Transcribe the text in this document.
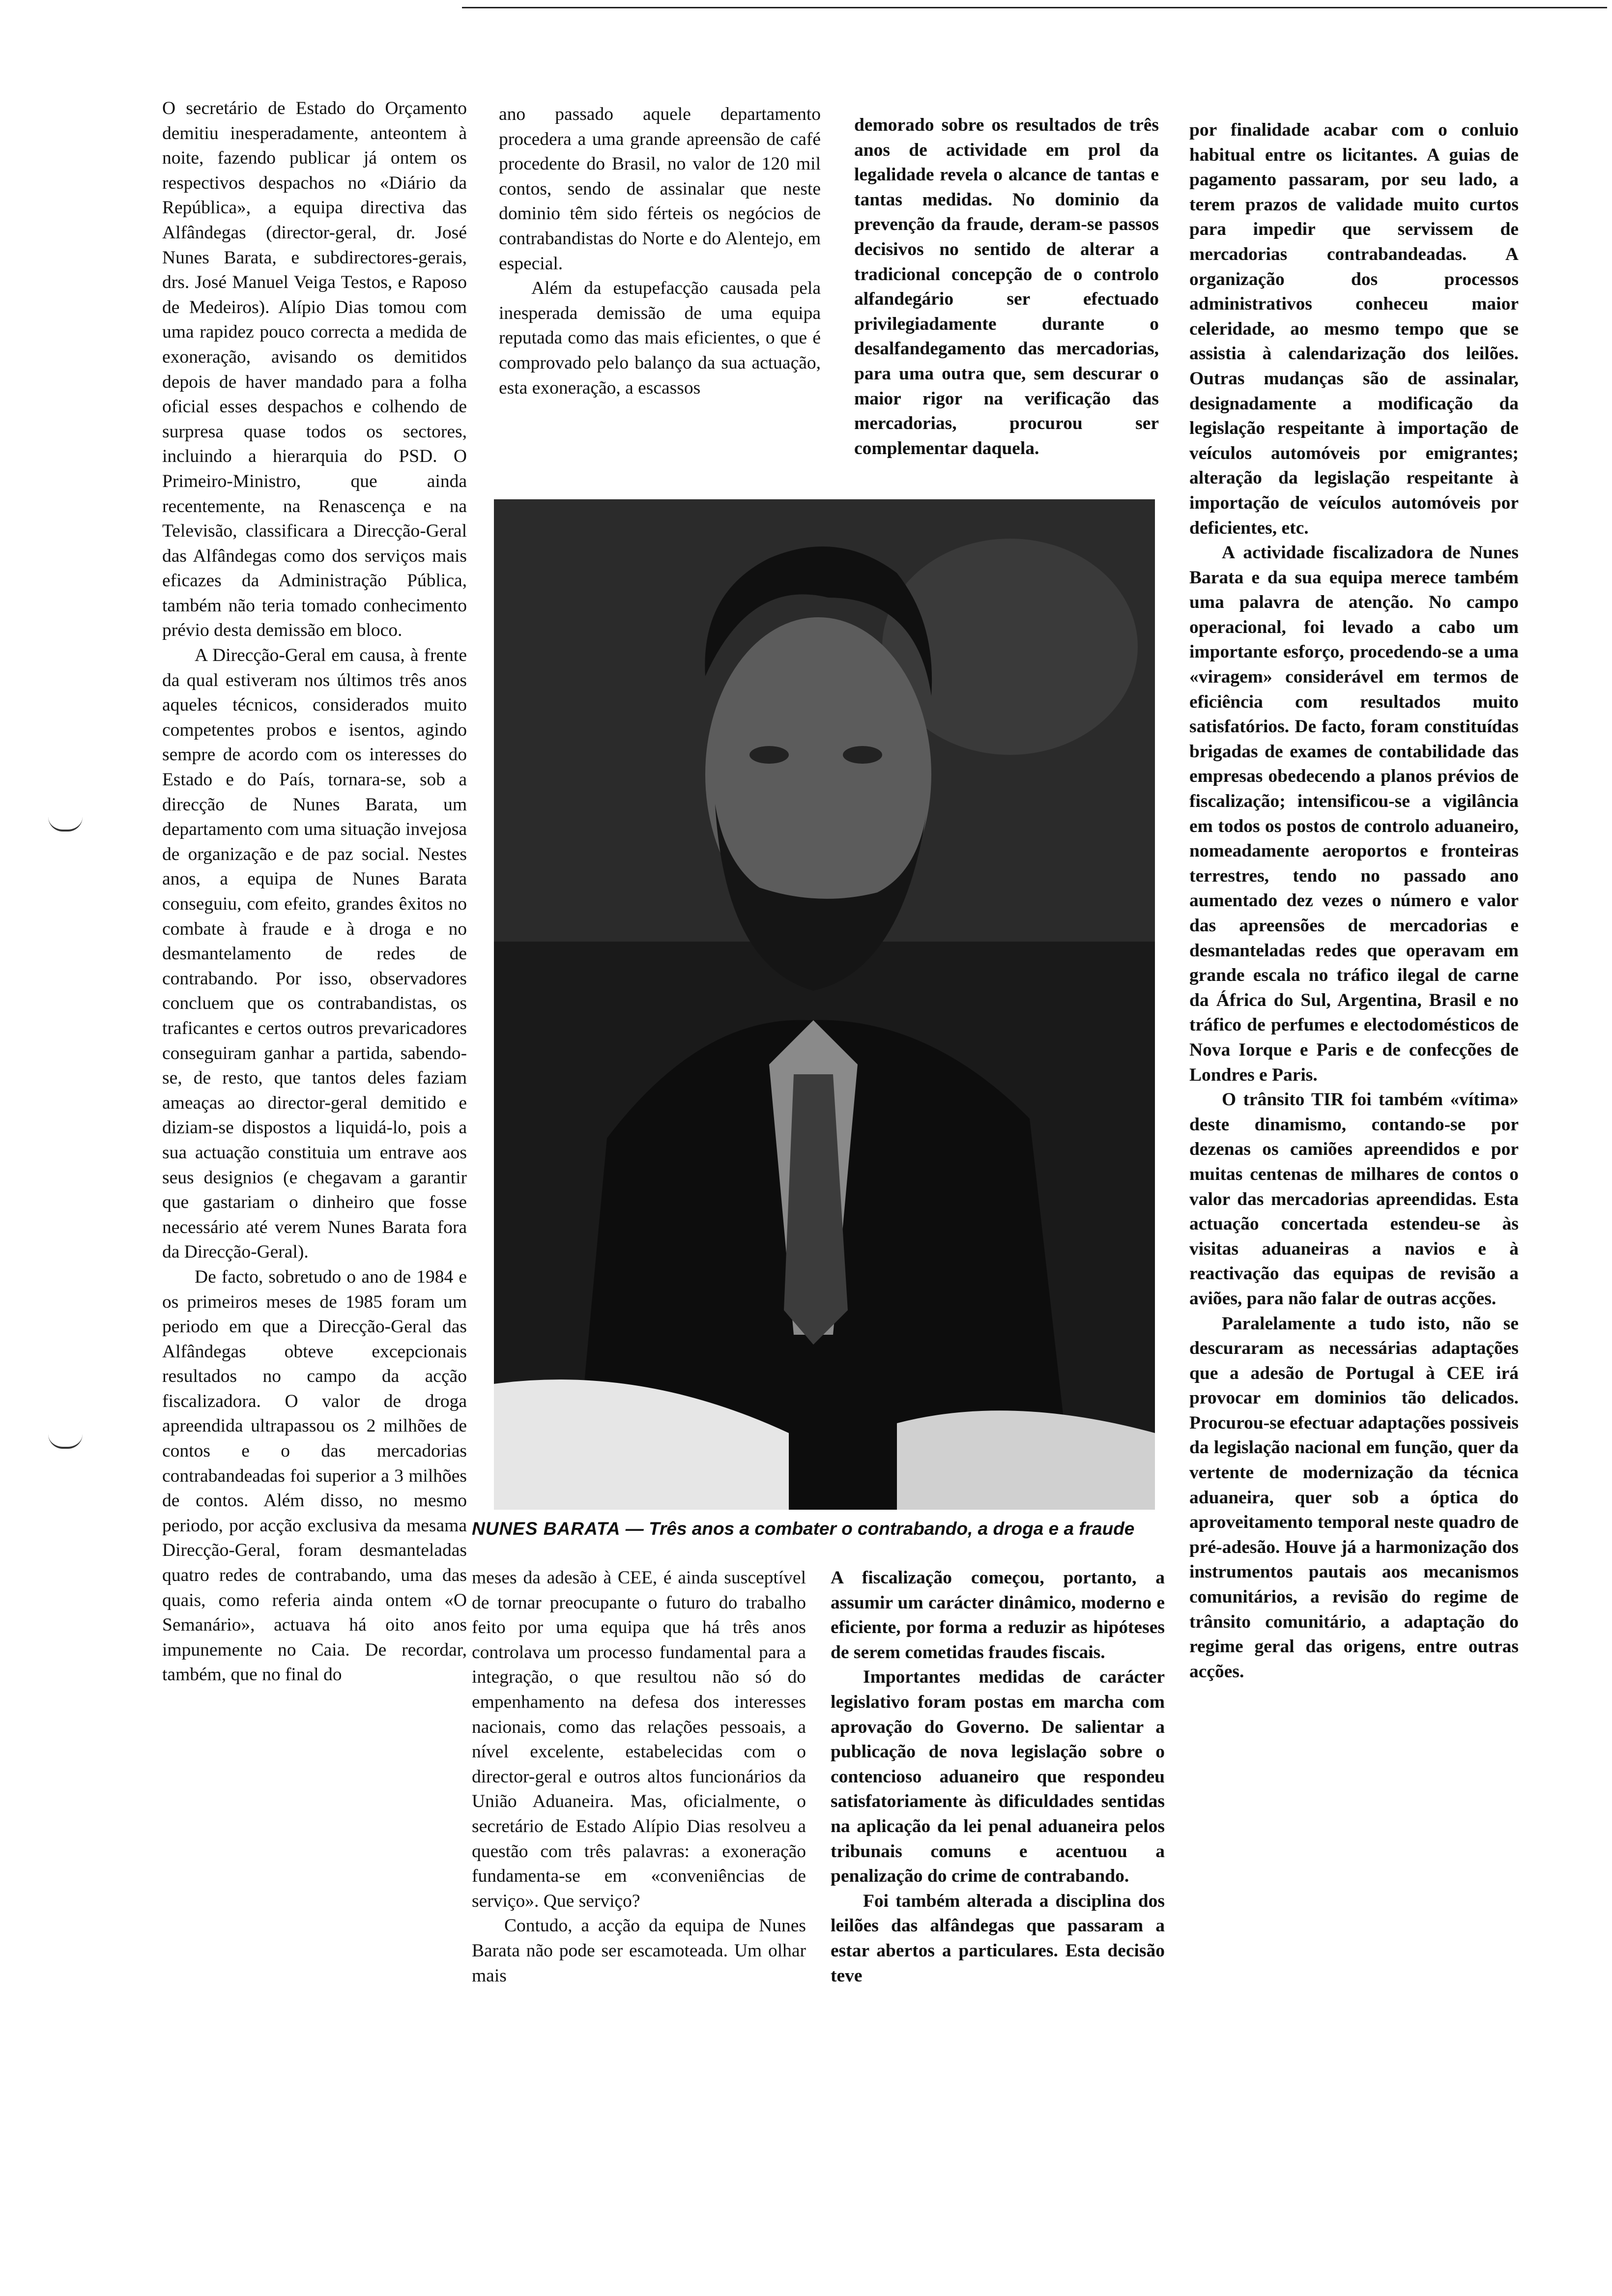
O secretário de Estado do Orçamento demitiu inesperadamente, anteontem à noite, fazendo publicar já ontem os respectivos despachos no «Diário da República», a equipa directiva das Alfândegas (director-geral, dr. José Nunes Barata, e subdirectores-gerais, drs. José Manuel Veiga Testos, e Raposo de Medeiros). Alípio Dias tomou com uma rapidez pouco correcta a medida de exoneração, avisando os demitidos depois de haver mandado para a folha oficial esses despachos e colhendo de surpresa quase todos os sectores, incluindo a hierarquia do PSD. O Primeiro-Ministro, que ainda recentemente, na Renascença e na Televisão, classificara a Direcção-Geral das Alfândegas como dos serviços mais eficazes da Administração Pública, também não teria tomado conhecimento prévio desta demissão em bloco.

A Direcção-Geral em causa, à frente da qual estiveram nos últimos três anos aqueles técnicos, considerados muito competentes probos e isentos, agindo sempre de acordo com os interesses do Estado e do País, tornara-se, sob a direcção de Nunes Barata, um departamento com uma situação invejosa de organização e de paz social. Nestes anos, a equipa de Nunes Barata conseguiu, com efeito, grandes êxitos no combate à fraude e à droga e no desmantelamento de redes de contrabando. Por isso, observadores concluem que os contrabandistas, os traficantes e certos outros prevaricadores conseguiram ganhar a partida, sabendo-se, de resto, que tantos deles faziam ameaças ao director-geral demitido e diziam-se dispostos a liquidá-lo, pois a sua actuação constituia um entrave aos seus designios (e chegavam a garantir que gastariam o dinheiro que fosse necessário até verem Nunes Barata fora da Direcção-Geral).

De facto, sobretudo o ano de 1984 e os primeiros meses de 1985 foram um periodo em que a Direcção-Geral das Alfândegas obteve excepcionais resultados no campo da acção fiscalizadora. O valor de droga apreendida ultrapassou os 2 milhões de contos e o das mercadorias contrabandeadas foi superior a 3 milhões de contos. Além disso, no mesmo periodo, por acção exclusiva da mesama Direcção-Geral, foram desmanteladas quatro redes de contrabando, uma das quais, como referia ainda ontem «O Semanário», actuava há oito anos impunemente no Caia. De recordar, também, que no final do

ano passado aquele departamento procedera a uma grande apreensão de café procedente do Brasil, no valor de 120 mil contos, sendo de assinalar que neste dominio têm sido férteis os negócios de contrabandistas do Norte e do Alentejo, em especial.

Além da estupefacção causada pela inesperada demissão de uma equipa reputada como das mais eficientes, o que é comprovado pelo balanço da sua actuação, esta exoneração, a escassos

demorado sobre os resultados de três anos de actividade em prol da legalidade revela o alcance de tantas e tantas medidas. No dominio da prevenção da fraude, deram-se passos decisivos no sentido de alterar a tradicional concepção de o controlo alfandegário ser efectuado privilegiadamente durante o desalfandegamento das mercadorias, para uma outra que, sem descurar o maior rigor na verificação das mercadorias, procurou ser complementar daquela.

por finalidade acabar com o conluio habitual entre os licitantes. A guias de pagamento passaram, por seu lado, a terem prazos de validade muito curtos para impedir que servissem de mercadorias contrabandeadas. A organização dos processos administrativos conheceu maior celeridade, ao mesmo tempo que se assistia à calendarização dos leilões. Outras mudanças são de assinalar, designadamente a modificação da legislação respeitante à importação de veículos automóveis por emigrantes; alteração da legislação respeitante à importação de veículos automóveis por deficientes, etc.

A actividade fiscalizadora de Nunes Barata e da sua equipa merece também uma palavra de atenção. No campo operacional, foi levado a cabo um importante esforço, procedendo-se a uma «viragem» considerável em termos de eficiência com resultados muito satisfatórios. De facto, foram constituídas brigadas de exames de contabilidade das empresas obedecendo a planos prévios de fiscalização; intensificou-se a vigilância em todos os postos de controlo aduaneiro, nomeadamente aeroportos e fronteiras terrestres, tendo no passado ano aumentado dez vezes o número e valor das apreensões de mercadorias e desmanteladas redes que operavam em grande escala no tráfico ilegal de carne da África do Sul, Argentina, Brasil e no tráfico de perfumes e electodomésticos de Nova Iorque e Paris e de confecções de Londres e Paris.

O trânsito TIR foi também «vítima» deste dinamismo, contando-se por dezenas os camiões apreendidos e por muitas centenas de milhares de contos o valor das mercadorias apreendidas. Esta actuação concertada estendeu-se às visitas aduaneiras a navios e à reactivação das equipas de revisão a aviões, para não falar de outras acções.

Paralelamente a tudo isto, não se descuraram as necessárias adaptações que a adesão de Portugal à CEE irá provocar em dominios tão delicados. Procurou-se efectuar adaptações possiveis da legislação nacional em função, quer da vertente de modernização da técnica aduaneira, quer sob a óptica do aproveitamento temporal neste quadro de pré-adesão. Houve já a harmonização dos instrumentos pautais aos mecanismos comunitários, a revisão do regime de trânsito comunitário, a adaptação do regime geral das origens, entre outras acções.

NUNES BARATA — Três anos a combater o contrabando, a droga e a fraude

meses da adesão à CEE, é ainda susceptível de tornar preocupante o futuro do trabalho feito por uma equipa que há três anos controlava um processo fundamental para a integração, o que resultou não só do empenhamento na defesa dos interesses nacionais, como das relações pessoais, a nível excelente, estabelecidas com o director-geral e outros altos funcionários da União Aduaneira. Mas, oficialmente, o secretário de Estado Alípio Dias resolveu a questão com três palavras: a exoneração fundamenta-se em «conveniências de serviço». Que serviço?

Contudo, a acção da equipa de Nunes Barata não pode ser escamoteada. Um olhar mais

A fiscalização começou, portanto, a assumir um carácter dinâmico, moderno e eficiente, por forma a reduzir as hipóteses de serem cometidas fraudes fiscais.

Importantes medidas de carácter legislativo foram postas em marcha com aprovação do Governo. De salientar a publicação de nova legislação sobre o contencioso aduaneiro que respondeu satisfatoriamente às dificuldades sentidas na aplicação da lei penal aduaneira pelos tribunais comuns e acentuou a penalização do crime de contrabando.

Foi também alterada a disciplina dos leilões das alfândegas que passaram a estar abertos a particulares. Esta decisão teve
